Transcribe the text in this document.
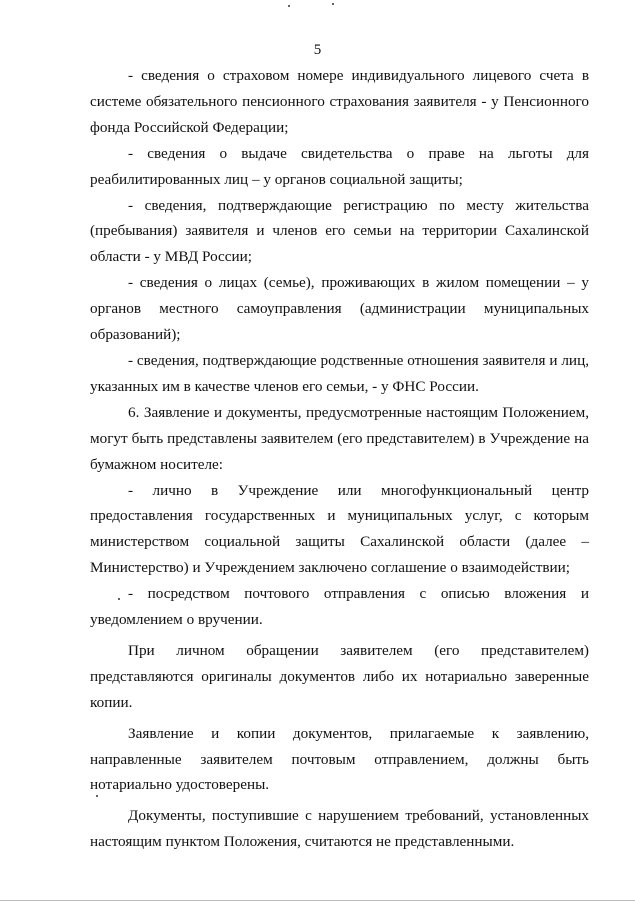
5

- сведения о страховом номере индивидуального лицевого счета в системе обязательного пенсионного страхования заявителя - у Пенсионного фонда Российской Федерации;

- сведения о выдаче свидетельства о праве на льготы для реабилитированных лиц – у органов социальной защиты;

- сведения, подтверждающие регистрацию по месту жительства (пребывания) заявителя и членов его семьи на территории Сахалинской области - у МВД России;

- сведения о лицах (семье), проживающих в жилом помещении – у органов местного самоуправления (администрации муниципальных образований);

- сведения, подтверждающие родственные отношения заявителя и лиц, указанных им в качестве членов его семьи, - у ФНС России.

6. Заявление и документы, предусмотренные настоящим Положением, могут быть представлены заявителем (его представителем) в Учреждение на бумажном носителе:

- лично в Учреждение или многофункциональный центр предоставления государственных и муниципальных услуг, с которым министерством социальной защиты Сахалинской области (далее – Министерство) и Учреждением заключено соглашение о взаимодействии;

- посредством почтового отправления с описью вложения и уведомлением о вручении.

При личном обращении заявителем (его представителем) представляются оригиналы документов либо их нотариально заверенные копии.

Заявление и копии документов, прилагаемые к заявлению, направленные заявителем почтовым отправлением, должны быть нотариально удостоверены.

Документы, поступившие с нарушением требований, установленных настоящим пунктом Положения, считаются не представленными.
